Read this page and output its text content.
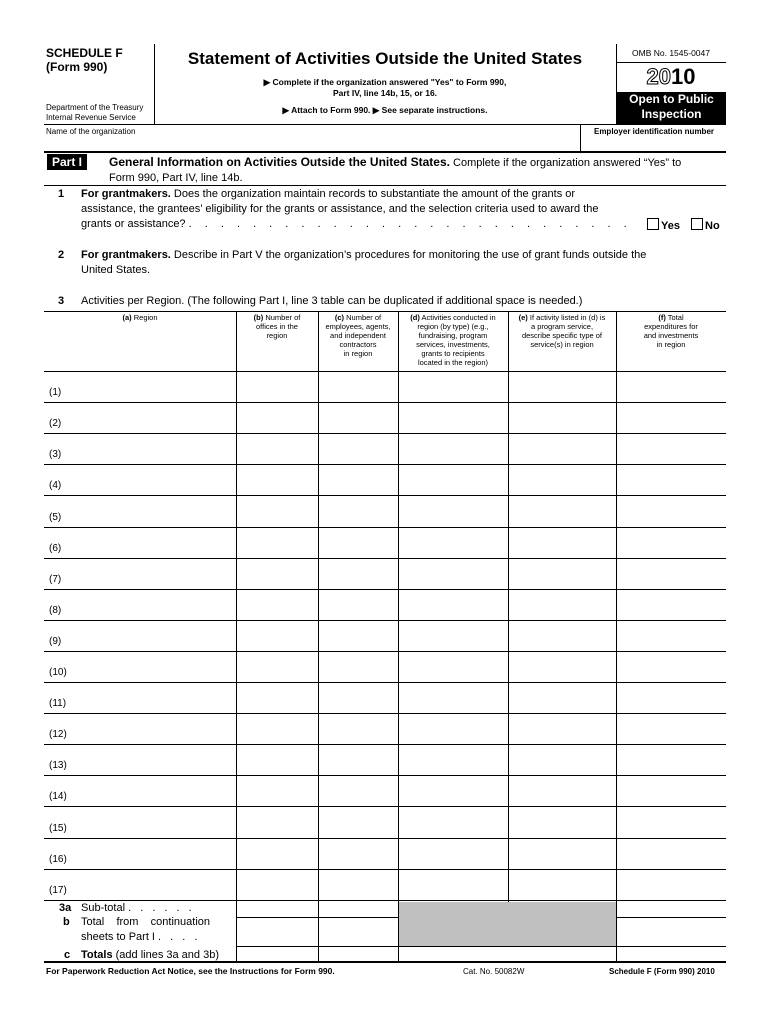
SCHEDULE F
(Form 990)
Department of the Treasury
Internal Revenue Service
Statement of Activities Outside the United States
▶ Complete if the organization answered "Yes" to Form 990,
Part IV, line 14b, 15, or 16.
▶ Attach to Form 990. ▶ See separate instructions.
OMB No. 1545-0047
2010
Open to Public
Inspection
Name of the organization	Employer identification number
Part I	General Information on Activities Outside the United States. Complete if the organization answered “Yes” to
Form 990, Part IV, line 14b.
1 For grantmakers. Does the organization maintain records to substantiate the amount of the grants or
assistance, the grantees’ eligibility for the grants or assistance, and the selection criteria used to award the
grants or assistance? . . . . . . . . . . . . . . . . . . . . . . . . . . . .	Yes	No
2 For grantmakers. Describe in Part V the organization’s procedures for monitoring the use of grant funds outside the
United States.
3 Activities per Region. (The following Part I, line 3 table can be duplicated if additional space is needed.)
(a) Region	(b) Number of
offices in the
region
(c) Number of
employees, agents,
and independent
contractors
in region
(d) Activities conducted in
region (by type) (e.g.,
fundraising, program
services, investments,
grants to recipients
located in the region)
(e) If activity listed in (d) is
a program service,
describe specific type of
service(s) in region
(f) Total
expenditures for
and investments
in region
(1)
(2)
(3)
(4)
(5)
(6)
(7)
(8)
(9)
(10)
(11)
(12)
(13)
(14)
(15)
(16)
(17)
3a Sub-total . . . . . .
b Total    from    continuation
sheets to Part I . . . .
c Totals (add lines 3a and 3b)
For Paperwork Reduction Act Notice, see the Instructions for Form 990.	Cat. No. 50082W	Schedule F (Form 990) 2010
